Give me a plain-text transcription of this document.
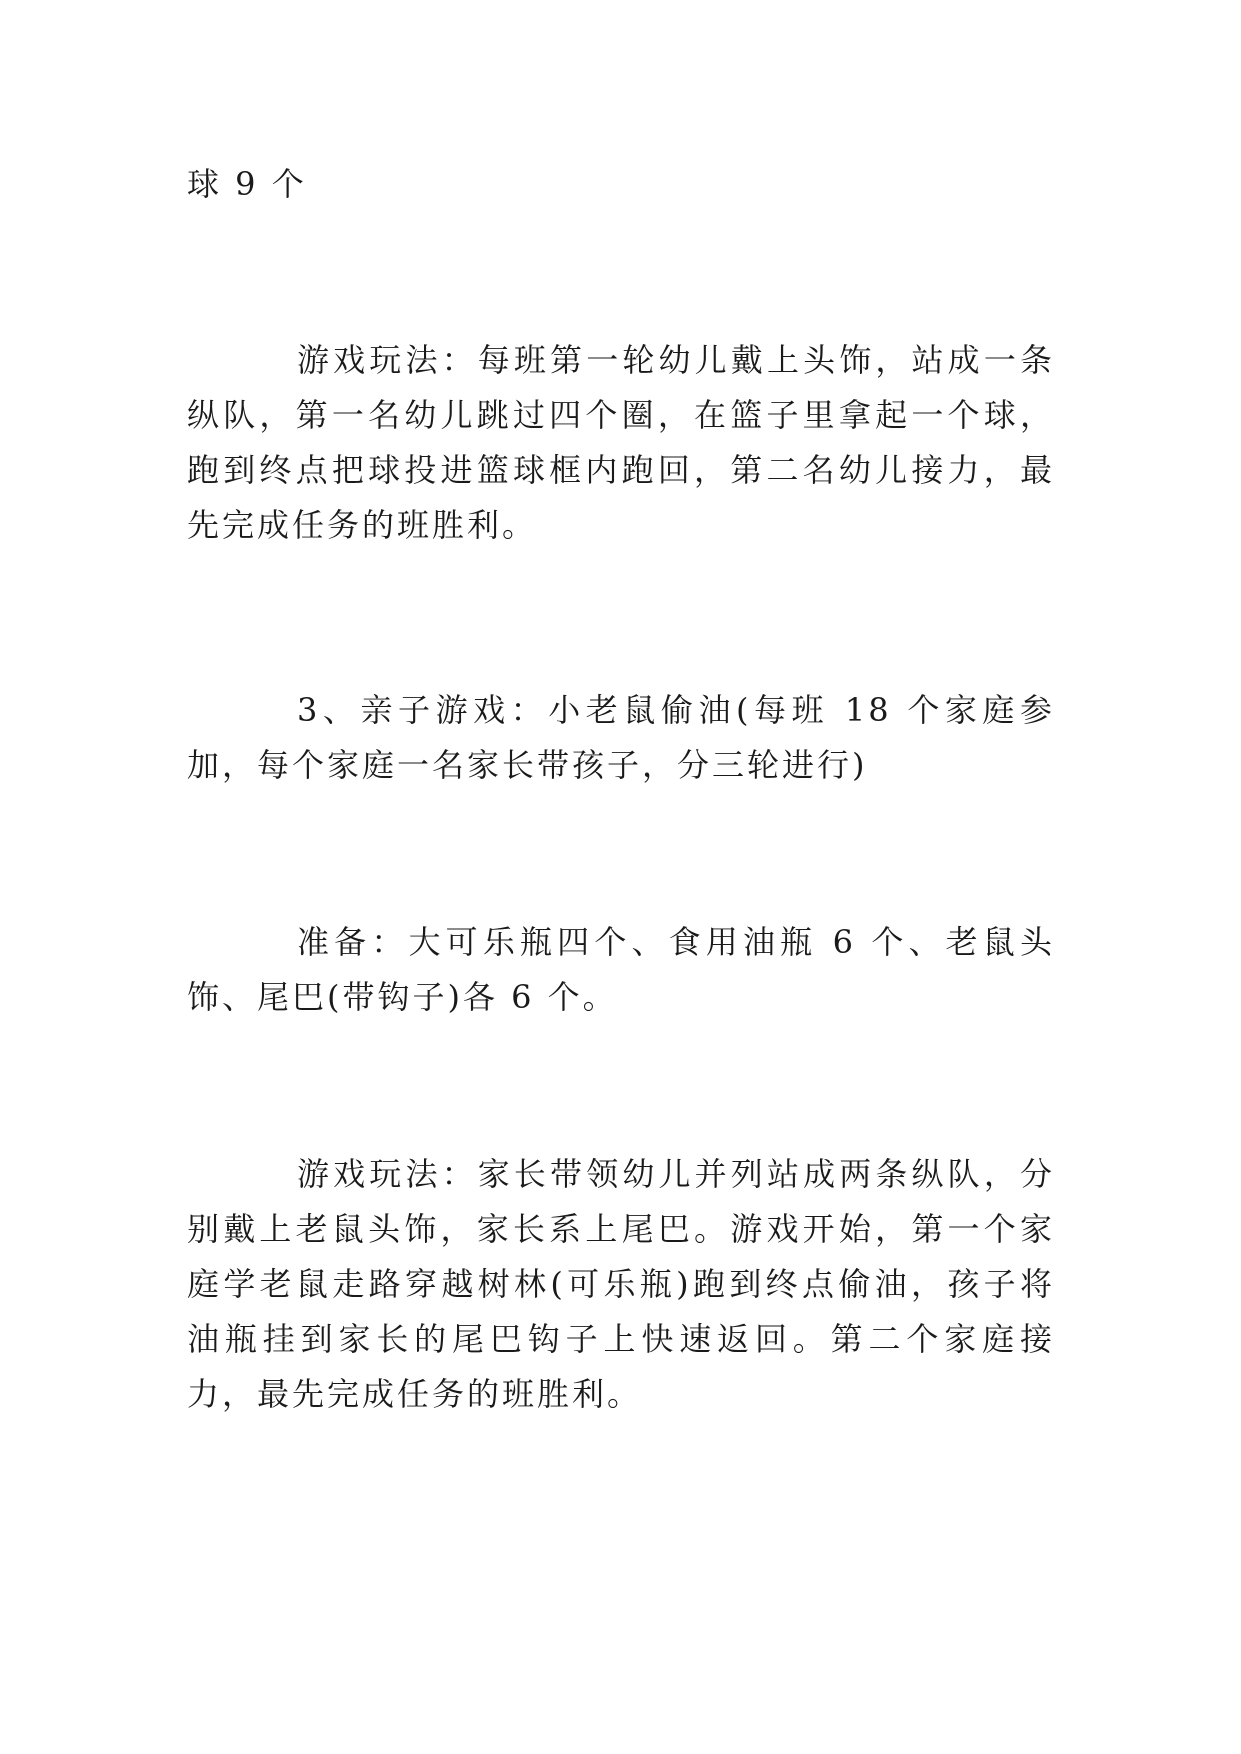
球 9 个

游戏玩法：每班第一轮幼儿戴上头饰，站成一条纵队，第一名幼儿跳过四个圈，在篮子里拿起一个球，跑到终点把球投进篮球框内跑回，第二名幼儿接力，最先完成任务的班胜利。

3、亲子游戏：小老鼠偷油(每班 18 个家庭参加，每个家庭一名家长带孩子，分三轮进行)

准备：大可乐瓶四个、食用油瓶 6 个、老鼠头饰、尾巴(带钩子)各 6 个。

游戏玩法：家长带领幼儿并列站成两条纵队，分别戴上老鼠头饰，家长系上尾巴。游戏开始，第一个家庭学老鼠走路穿越树林(可乐瓶)跑到终点偷油，孩子将油瓶挂到家长的尾巴钩子上快速返回。第二个家庭接力，最先完成任务的班胜利。
